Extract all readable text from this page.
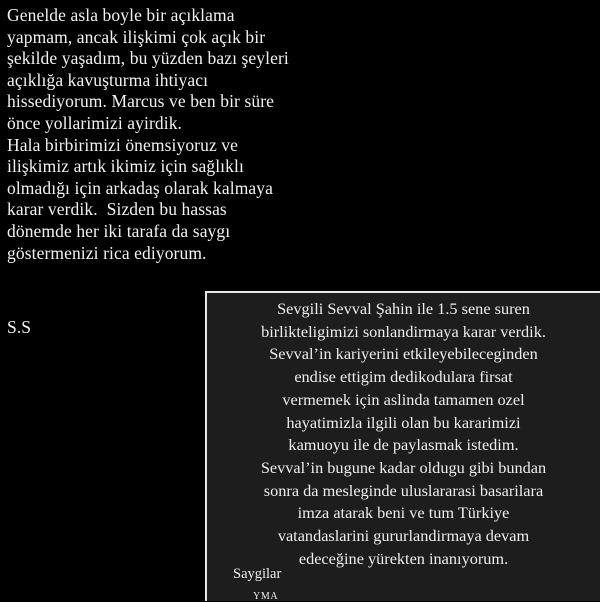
Genelde asla boyle bir açıklama
yapmam, ancak ilişkimi çok açık bir
şekilde yaşadım, bu yüzden bazı şeyleri
açıklığa kavuşturma ihtiyacı
hissediyorum. Marcus ve ben bir süre
önce yollarimizi ayirdik.
Hala birbirimizi önemsiyoruz ve
ilişkimiz artık ikimiz için sağlıklı
olmadığı için arkadaş olarak kalmaya
karar verdik.  Sizden bu hassas
dönemde her iki tarafa da saygı
göstermenizi rica ediyorum.
S.S
Sevgili Sevval Şahin ile 1.5 sene suren
birlikteligimizi sonlandirmaya karar verdik.
Sevval’in kariyerini etkileyebileceginden
endise ettigim dedikodulara firsat
vermemek için aslinda tamamen ozel
hayatimizla ilgili olan bu kararimizi
kamuoyu ile de paylasmak istedim.
Sevval’in bugune kadar oldugu gibi bundan
sonra da mesleginde uluslararasi basarilara
imza atarak beni ve tum Türkiye
vatandaslarini gururlandirmaya devam
edeceğine yürekten inanıyorum.
Saygilar
YMA
